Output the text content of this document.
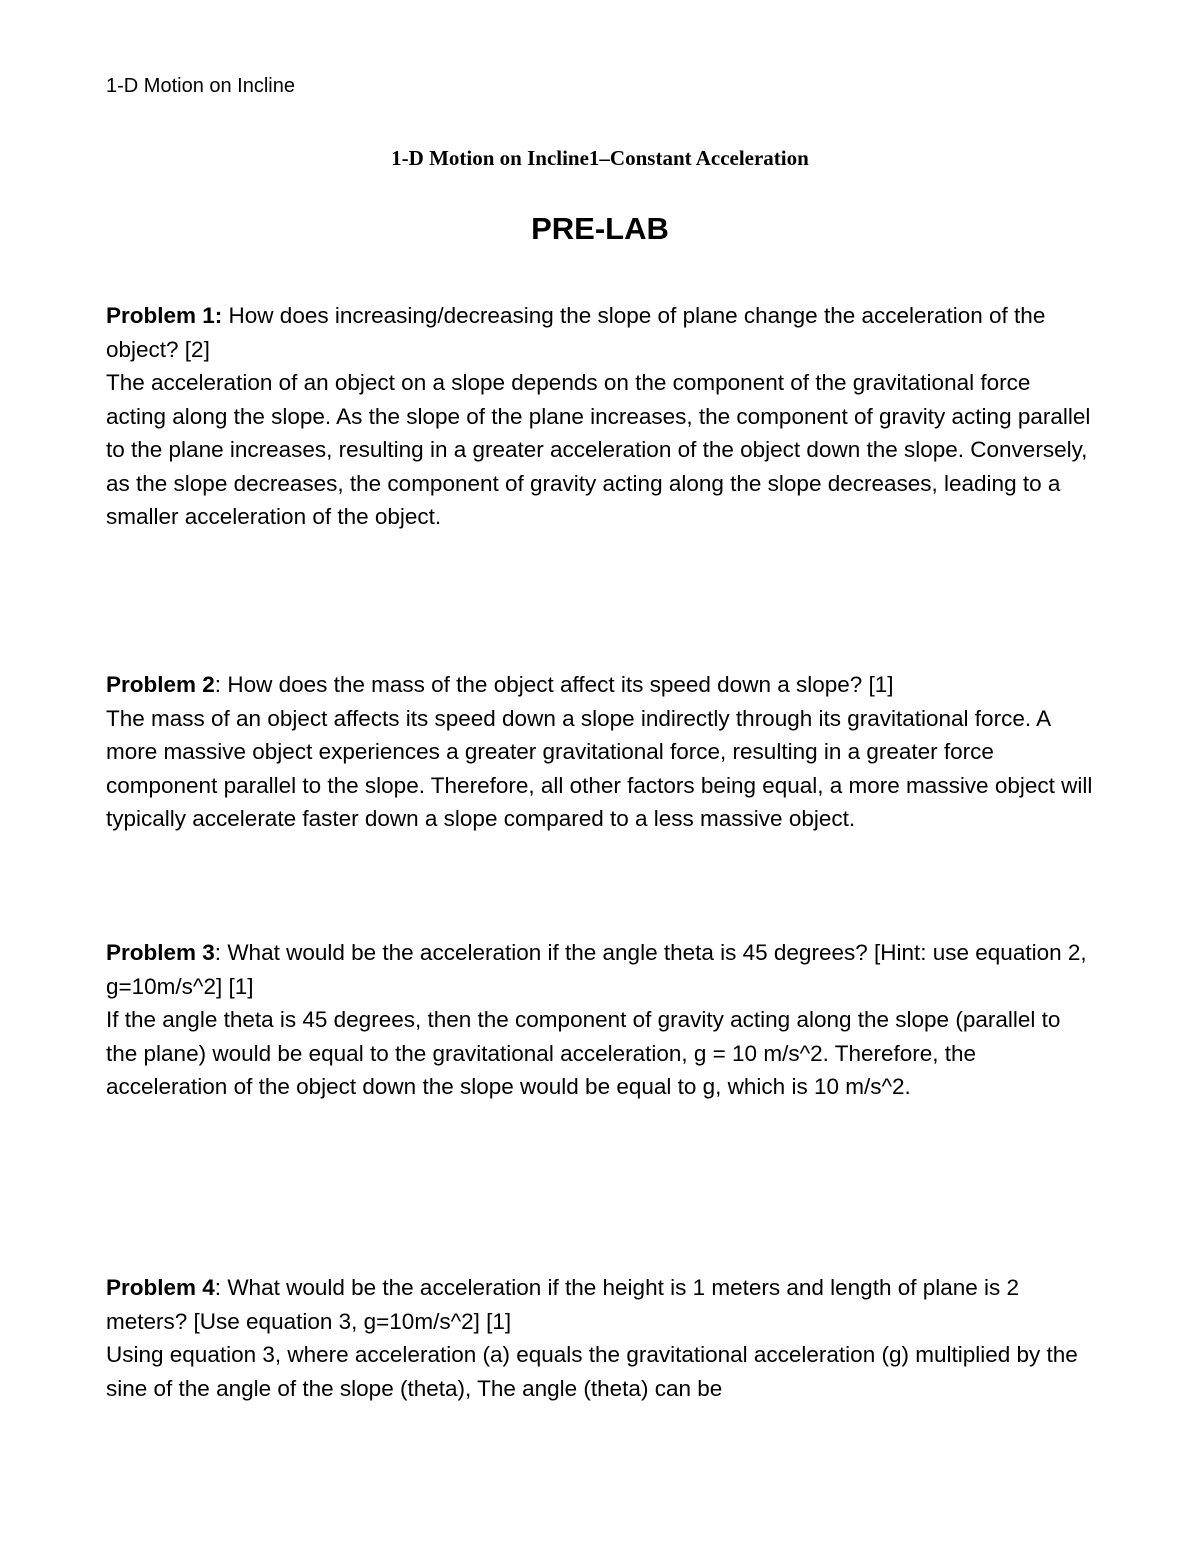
1-D Motion on Incline
1-D Motion on Incline1–Constant Acceleration
PRE-LAB

Problem 1: How does increasing/decreasing the slope of plane change the acceleration of the object? [2]

The acceleration of an object on a slope depends on the component of the gravitational force acting along the slope. As the slope of the plane increases, the component of gravity acting parallel to the plane increases, resulting in a greater acceleration of the object down the slope. Conversely, as the slope decreases, the component of gravity acting along the slope decreases, leading to a smaller acceleration of the object.

Problem 2: How does the mass of the object affect its speed down a slope? [1]

The mass of an object affects its speed down a slope indirectly through its gravitational force. A more massive object experiences a greater gravitational force, resulting in a greater force component parallel to the slope. Therefore, all other factors being equal, a more massive object will typically accelerate faster down a slope compared to a less massive object.

Problem 3: What would be the acceleration if the angle theta is 45 degrees? [Hint: use equation 2, g=10m/s^2] [1]

If the angle theta is 45 degrees, then the component of gravity acting along the slope (parallel to the plane) would be equal to the gravitational acceleration, g = 10 m/s^2. Therefore, the acceleration of the object down the slope would be equal to g, which is 10 m/s^2.

Problem 4: What would be the acceleration if the height is 1 meters and length of plane is 2 meters? [Use equation 3, g=10m/s^2] [1]

Using equation 3, where acceleration (a) equals the gravitational acceleration (g) multiplied by the sine of the angle of the slope (theta), The angle (theta) can be
